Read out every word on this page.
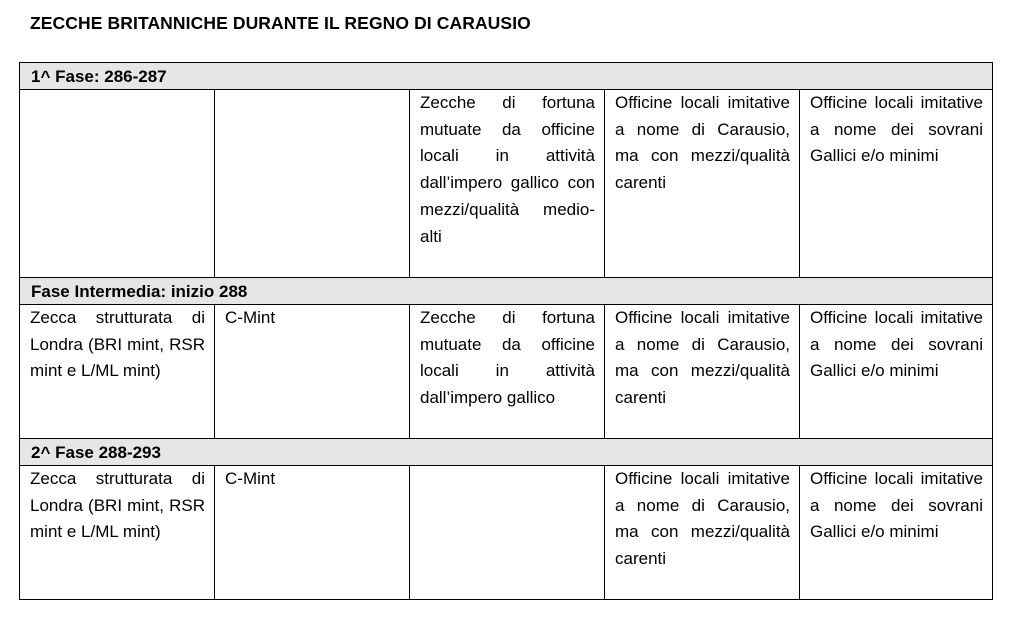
ZECCHE BRITANNICHE DURANTE IL REGNO DI CARAUSIO
1^ Fase: 286-287				
		Zecche di fortuna mutuate da officine locali in attività dall’impero gallico con mezzi/qualità medio-alti	Officine locali imitative a nome di Carausio, ma con mezzi/qualità carenti	Officine locali imitative a nome dei sovrani Gallici e/o minimi
Fase Intermedia: inizio 288				
Zecca strutturata di Londra (BRI mint, RSR mint e L/ML mint)	C-Mint	Zecche di fortuna mutuate da officine locali in attività dall’impero gallico	Officine locali imitative a nome di Carausio, ma con mezzi/qualità carenti	Officine locali imitative a nome dei sovrani Gallici e/o minimi
2^ Fase 288-293				
Zecca strutturata di Londra (BRI mint, RSR mint e L/ML mint)	C-Mint		Officine locali imitative a nome di Carausio, ma con mezzi/qualità carenti	Officine locali imitative a nome dei sovrani Gallici e/o minimi
